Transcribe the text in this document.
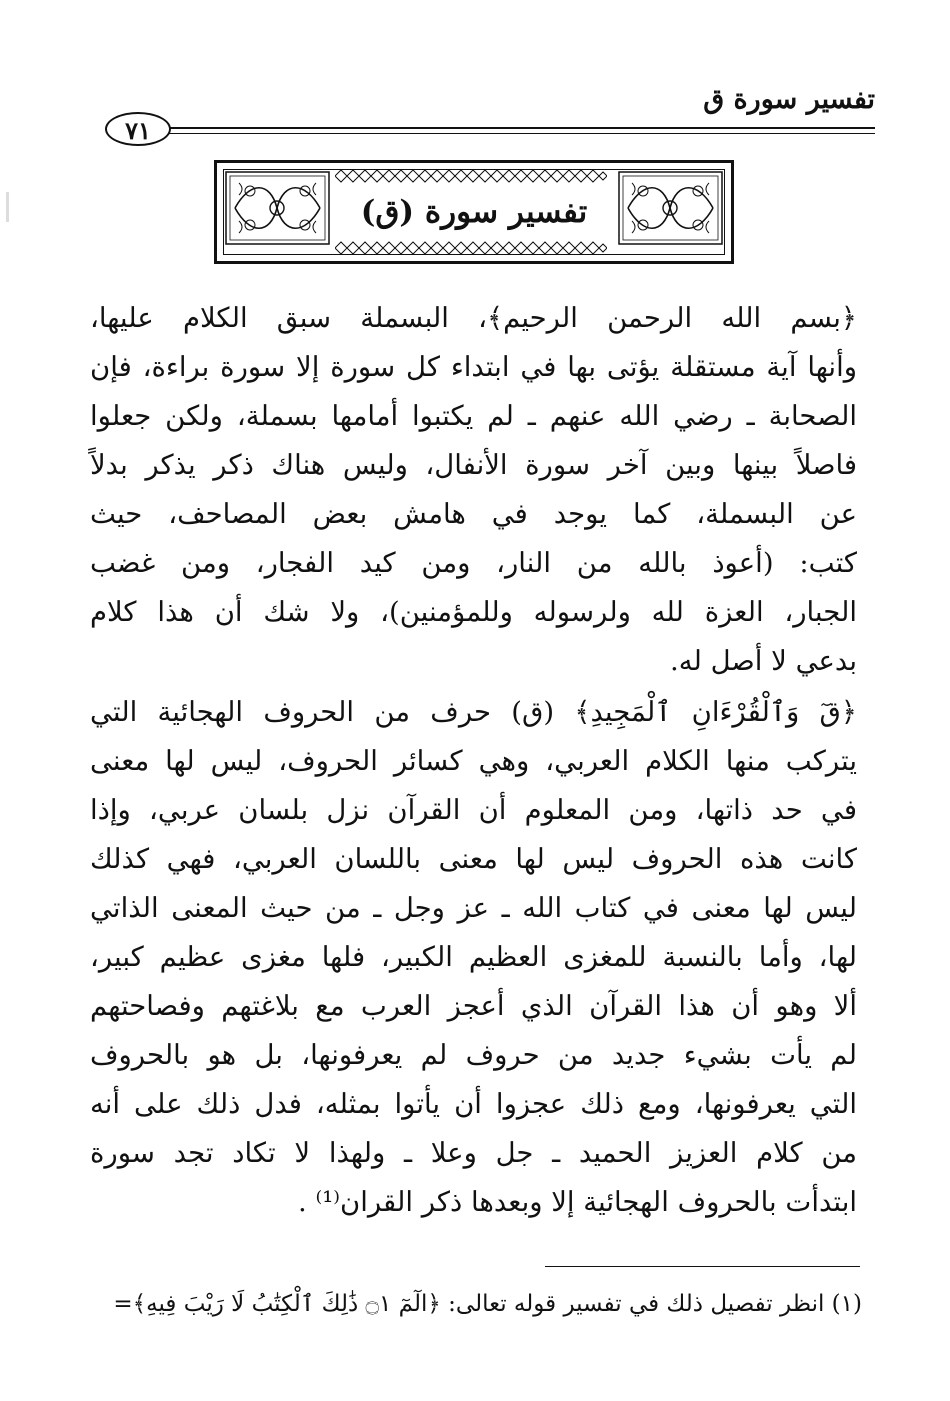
تفسير سورة ق
٧١
تفسير سورة (ق)
﴿بسم الله الرحمن الرحيم﴾، البسملة سبق الكلام عليها،
وأنها آية مستقلة يؤتى بها في ابتداء كل سورة إلا سورة براءة، فإن
الصحابة ـ رضي الله عنهم ـ لم يكتبوا أمامها بسملة، ولكن جعلوا
فاصلاً بينها وبين آخر سورة الأنفال، وليس هناك ذكر يذكر بدلاً
عن البسملة، كما يوجد في هامش بعض المصاحف، حيث
كتب: (أعوذ بالله من النار، ومن كيد الفجار، ومن غضب
الجبار، العزة لله ولرسوله وللمؤمنين)، ولا شك أن هذا كلام
بدعي لا أصل له.
﴿قٓ وَٱلْقُرْءَانِ ٱلْمَجِيدِ﴾ (ق) حرف من الحروف الهجائية التي
يتركب منها الكلام العربي، وهي كسائر الحروف، ليس لها معنى
في حد ذاتها، ومن المعلوم أن القرآن نزل بلسان عربي، وإذا
كانت هذه الحروف ليس لها معنى باللسان العربي، فهي كذلك
ليس لها معنى في كتاب الله ـ عز وجل ـ من حيث المعنى الذاتي
لها، وأما بالنسبة للمغزى العظيم الكبير، فلها مغزى عظيم كبير،
ألا وهو أن هذا القرآن الذي أعجز العرب مع بلاغتهم وفصاحتهم
لم يأت بشيء جديد من حروف لم يعرفونها، بل هو بالحروف
التي يعرفونها، ومع ذلك عجزوا أن يأتوا بمثله، فدل ذلك على أنه
من كلام العزيز الحميد ـ جل وعلا ـ ولهذا لا تكاد تجد سورة
ابتدأت بالحروف الهجائية إلا وبعدها ذكر القران⁽¹⁾ .
(١) انظر تفصيل ذلك في تفسير قوله تعالى: ﴿الٓمٓ ۝١ ذَٰلِكَ ٱلْكِتَٰبُ لَا رَيْبَ فِيهِ﴾=
